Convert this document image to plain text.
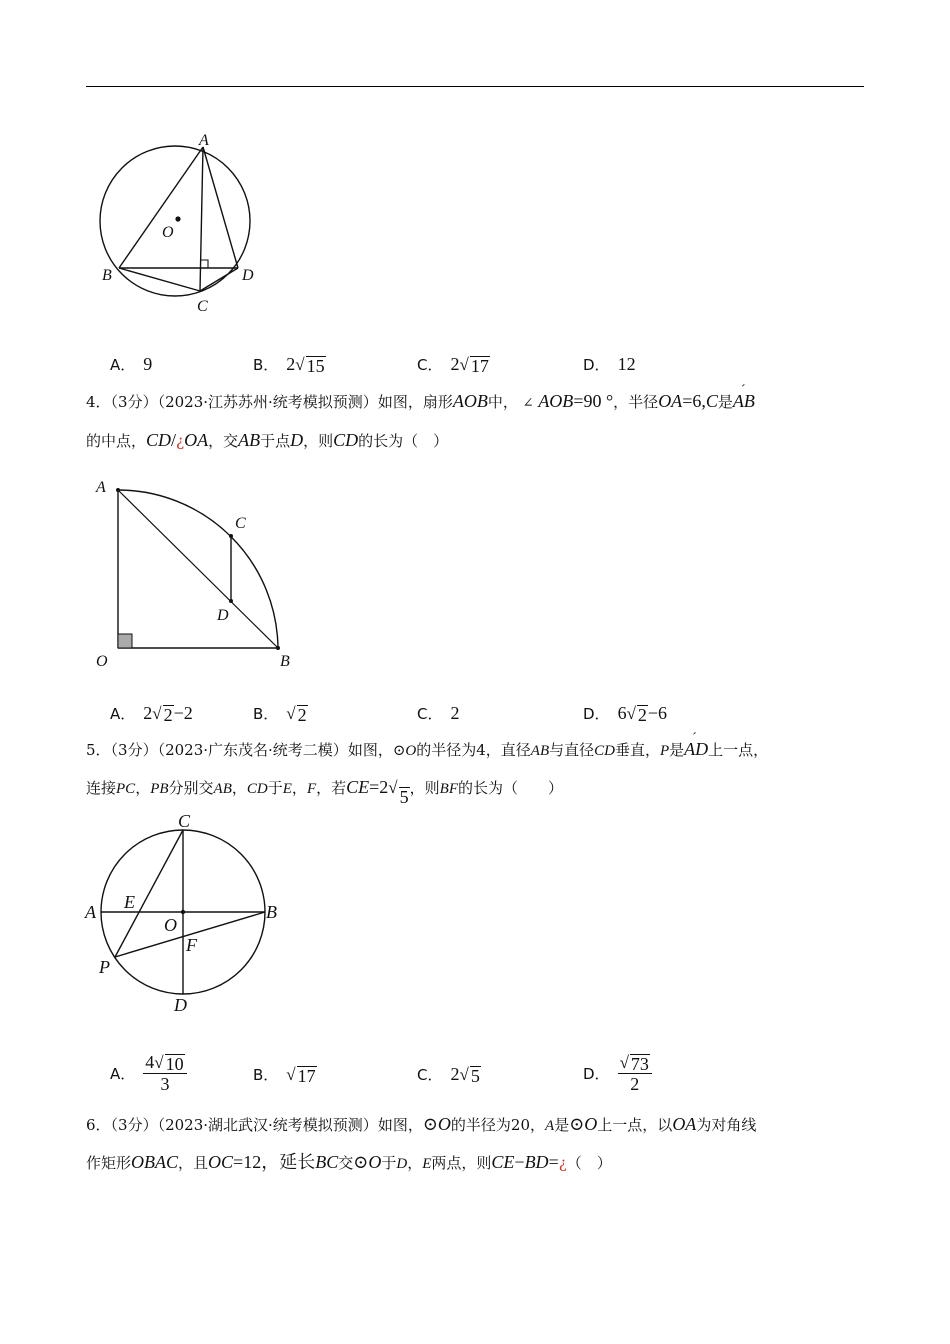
A
O
B	D
C
A． 9	B． 2 √ 15	C． 2 √ 17	D． 12
4．（3分）（2023·江苏苏州·统考模拟预测）如图，扇形AOB中， ∠ AOB=90 °，半径OA=6,C是´ AB
的中点，CD/¿OA，交AB于点D，则CD的长为（　）
A
C
D
O	B
A． 2 √ 2 −2	B． √ 2	C． 2	D． 6 √ 2 −6
5．（3分）（2023·广东茂名·统考二模）如图，⊙O的半径为4，直径AB与直径CD垂直，P是´ AD上一点，
连接PC，PB分别交AB，CD于E，F，若CE=2 √ 5 ，则BF的长为（　　）
C
A E
O
B
F
P
D
A． $\frac{4 √ 10}{3}$	B． √ 17	C． 2 √ 5	D． $\frac{√ 73}{2}$
6．（3分）（2023·湖北武汉·统考模拟预测）如图，⊙O的半径为20，A是⊙O上一点，以OA为对角线
作矩形OBAC，且OC=12，延长BC交⊙O于D，E两点，则CE−BD=¿（　）
